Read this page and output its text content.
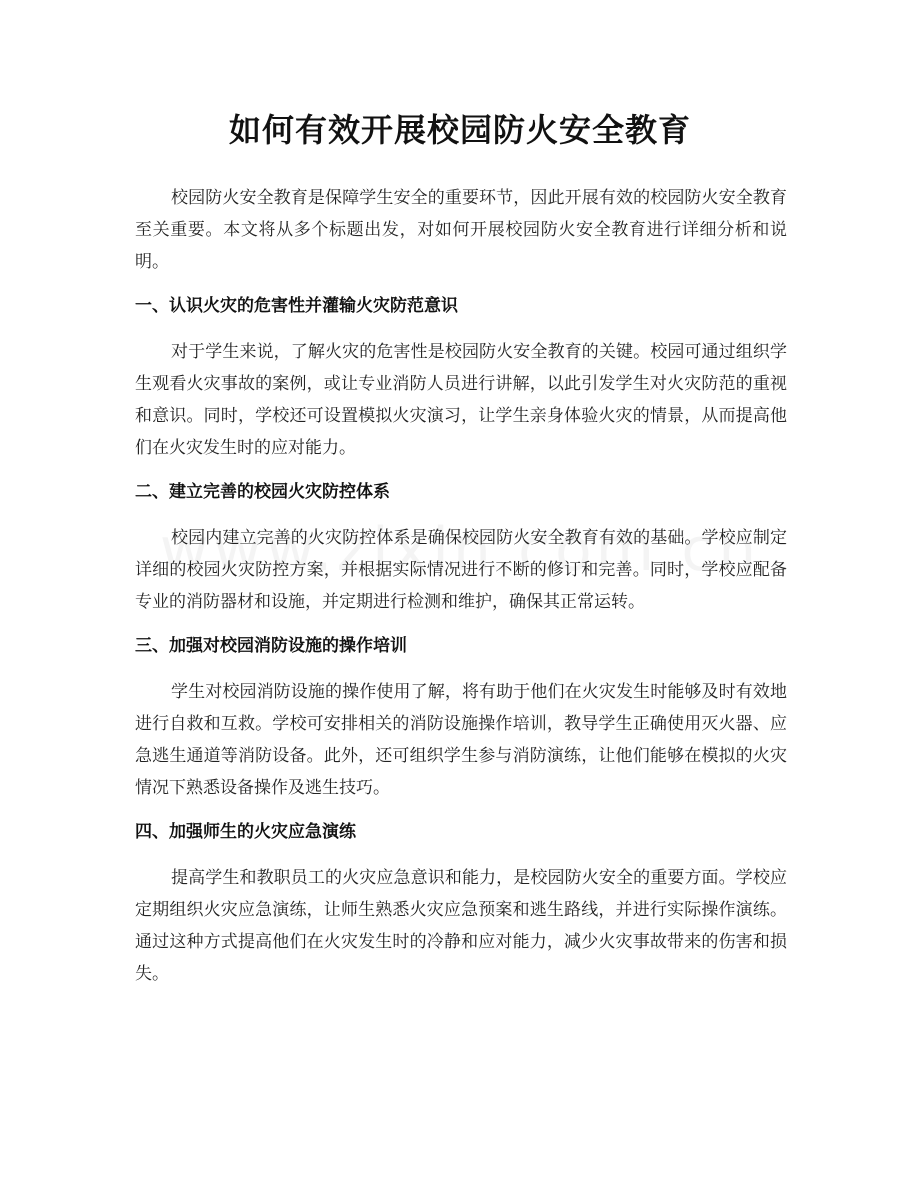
如何有效开展校园防火安全教育

校园防火安全教育是保障学生安全的重要环节，因此开展有效的校园防火安全教育至关重要。本文将从多个标题出发，对如何开展校园防火安全教育进行详细分析和说明。

一、认识火灾的危害性并灌输火灾防范意识

对于学生来说，了解火灾的危害性是校园防火安全教育的关键。校园可通过组织学生观看火灾事故的案例，或让专业消防人员进行讲解，以此引发学生对火灾防范的重视和意识。同时，学校还可设置模拟火灾演习，让学生亲身体验火灾的情景，从而提高他们在火灾发生时的应对能力。

二、建立完善的校园火灾防控体系

校园内建立完善的火灾防控体系是确保校园防火安全教育有效的基础。学校应制定详细的校园火灾防控方案，并根据实际情况进行不断的修订和完善。同时，学校应配备专业的消防器材和设施，并定期进行检测和维护，确保其正常运转。

三、加强对校园消防设施的操作培训

学生对校园消防设施的操作使用了解，将有助于他们在火灾发生时能够及时有效地进行自救和互救。学校可安排相关的消防设施操作培训，教导学生正确使用灭火器、应急逃生通道等消防设备。此外，还可组织学生参与消防演练，让他们能够在模拟的火灾情况下熟悉设备操作及逃生技巧。

四、加强师生的火灾应急演练

提高学生和教职员工的火灾应急意识和能力，是校园防火安全的重要方面。学校应定期组织火灾应急演练，让师生熟悉火灾应急预案和逃生路线，并进行实际操作演练。通过这种方式提高他们在火灾发生时的冷静和应对能力，减少火灾事故带来的伤害和损失。
